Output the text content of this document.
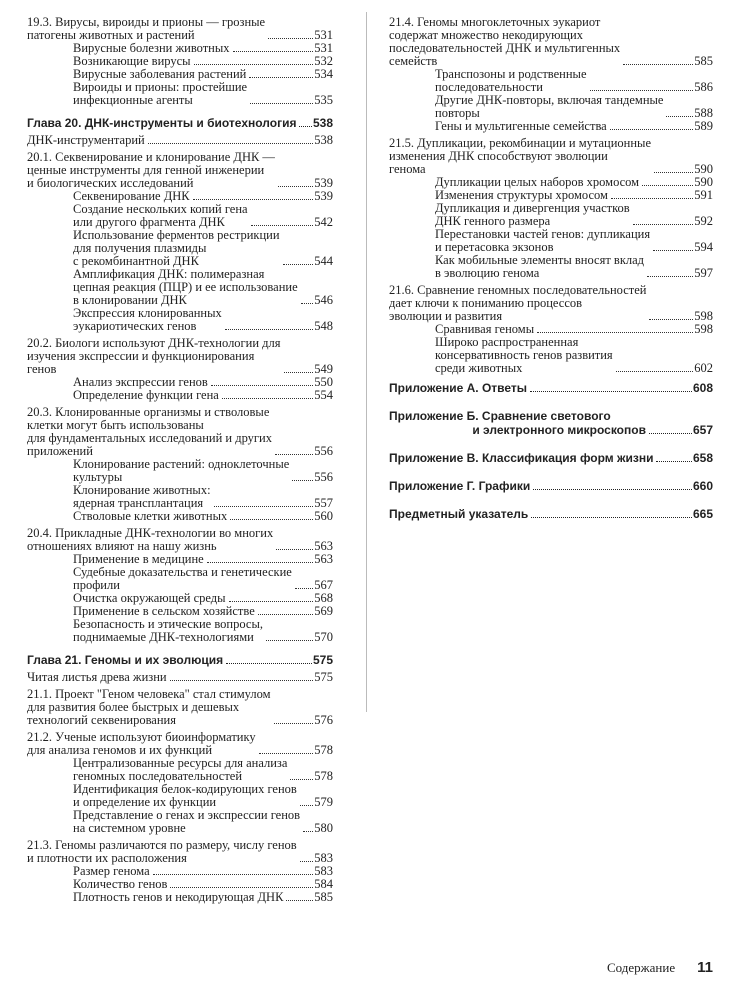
19.3. Вирусы, вироиды и прионы — грозные
патогены животных и растений	531
Вирусные болезни животных	531
Возникающие вирусы	532
Вирусные заболевания растений	534
Вироиды и прионы: простейшие
инфекционные агенты	535
Глава 20. ДНК-инструменты и биотехнология 538
ДНК-инструментарий	538
20.1. Секвенирование и клонирование ДНК —
ценные инструменты для генной инженерии
и биологических исследований	539
Секвенирование ДНК	539
Создание нескольких копий гена
или другого фрагмента ДНК	542
Использование ферментов рестрикции
для получения плазмиды
с рекомбинантной ДНК	544
Амплификация ДНК: полимеразная
цепная реакция (ПЦР) и ее использование
в клонировании ДНК	546
Экспрессия клонированных
эукариотических генов	548
20.2. Биологи используют ДНК-технологии для
изучения экспрессии и функционирования
генов	549
Анализ экспрессии генов	550
Определение функции гена	554
20.3. Клонированные организмы и стволовые
клетки могут быть использованы
для фундаментальных исследований и других
приложений	556
Клонирование растений: одноклеточные
культуры	556
Клонирование животных:
ядерная трансплантация	557
Стволовые клетки животных	560
20.4. Прикладные ДНК-технологии во многих
отношениях влияют на нашу жизнь	563
Применение в медицине	563
Судебные доказательства и генетические
профили	567
Очистка окружающей среды	568
Применение в сельском хозяйстве	569
Безопасность и этические вопросы,
поднимаемые ДНК-технологиями	570
Глава 21. Геномы и их эволюция	575
Читая листья древа жизни	575
21.1. Проект "Геном человека" стал стимулом
для развития более быстрых и дешевых
технологий секвенирования	576
21.2. Ученые используют биоинформатику
для анализа геномов и их функций	578
Централизованные ресурсы для анализа
геномных последовательностей	578
Идентификация белок-кодирующих генов
и определение их функции	579
Представление о генах и экспрессии генов
на системном уровне	580
21.3. Геномы различаются по размеру, числу генов
и плотности их расположения	583
Размер генома	583
Количество генов	584
Плотность генов и некодирующая ДНК 585
21.4. Геномы многоклеточных эукариот
содержат множество некодирующих
последовательностей ДНК и мультигенных
семейств	585
Транспозоны и родственные
последовательности	586
Другие ДНК-повторы, включая тандемные
повторы	588
Гены и мультигенные семейства	589
21.5. Дупликации, рекомбинации и мутационные
изменения ДНК способствуют эволюции
генома	590
Дупликации целых наборов хромосом	590
Изменения структуры хромосом	591
Дупликация и дивергенция участков
ДНК генного размера	592
Перестановки частей генов: дупликация
и перетасовка экзонов	594
Как мобильные элементы вносят вклад
в эволюцию генома	597
21.6. Сравнение геномных последовательностей
дает ключи к пониманию процессов
эволюции и развития	598
Сравнивая геномы	598
Широко распространенная
консервативность генов развития
среди животных	602
Приложение А. Ответы	608
Приложение Б. Сравнение светового
и электронного микроскопов	657
Приложение В. Классификация форм жизни	658
Приложение Г. Графики	660
Предметный указатель	665
Содержание 11
